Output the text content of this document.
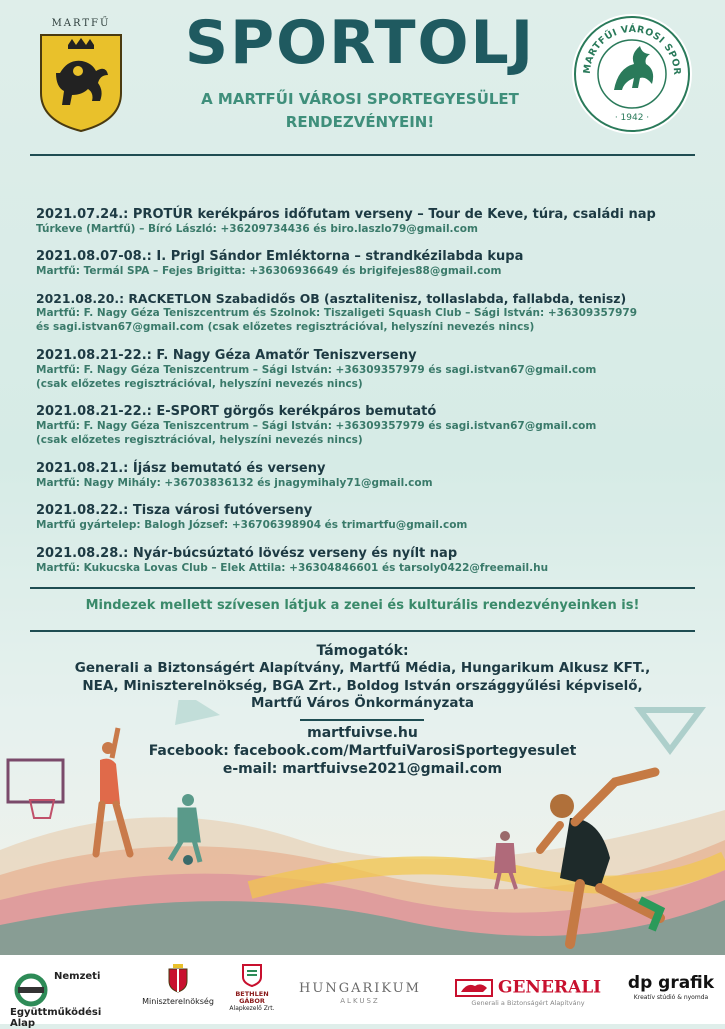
MARTFŰ	SPORTOLJ
A MARTFŰI VÁROSI SPORTEGYESÜLET
RENDEZVÉNYEIN!
MARTFŰI VÁROSI SPOR
· 1942 ·
2021.07.24.: PROTÚR kerékpáros időfutam verseny – Tour de Keve, túra, családi nap
Túrkeve (Martfű) – Bíró László: +36209734436 és biro.laszlo79@gmail.com
2021.08.07-08.: I. Prigl Sándor Emléktorna – strandkézilabda kupa
Martfű: Termál SPA – Fejes Brigitta: +36306936649 és brigifejes88@gmail.com
2021.08.20.: RACKETLON Szabadidős OB (asztalitenisz, tollaslabda, fallabda, tenisz)
Martfű: F. Nagy Géza Teniszcentrum és Szolnok: Tiszaligeti Squash Club – Sági István: +36309357979
és sagi.istvan67@gmail.com (csak előzetes regisztrációval, helyszíni nevezés nincs)
2021.08.21-22.: F. Nagy Géza Amatőr Teniszverseny
Martfű: F. Nagy Géza Teniszcentrum – Sági István: +36309357979 és sagi.istvan67@gmail.com
(csak előzetes regisztrációval, helyszíni nevezés nincs)
2021.08.21-22.: E-SPORT görgős kerékpáros bemutató
Martfű: F. Nagy Géza Teniszcentrum – Sági István: +36309357979 és sagi.istvan67@gmail.com
(csak előzetes regisztrációval, helyszíni nevezés nincs)
2021.08.21.: Íjász bemutató és verseny
Martfű: Nagy Mihály: +36703836132 és jnagymihaly71@gmail.com
2021.08.22.: Tisza városi futóverseny
Martfű gyártelep: Balogh József: +36706398904 és trimartfu@gmail.com
2021.08.28.: Nyár-búcsúztató lövész verseny és nyílt nap
Martfű: Kukucska Lovas Club – Elek Attila: +36304846601 és tarsoly0422@freemail.hu
Mindezek mellett szívesen látjuk a zenei és kulturális rendezvényeinken is!
Támogatók:
Generali a Biztonságért Alapítvány, Martfű Média, Hungarikum Alkusz KFT.,
NEA, Miniszterelnökség, BGA Zrt., Boldog István országgyűlési képviselő,
Martfű Város Önkormányzata
martfuivse.hu
Facebook: facebook.com/MartfuiVarosiSportegyesulet
e-mail: martfuivse2021@gmail.com
Nemzeti
Együttműködési
Alap
Miniszterelnökség
BETHLEN GÁBOR
Alapkezelő Zrt.
HUNGARIKUM
ALKUSZ
GENERALI
Generali a Biztonságért Alapítvány
dp grafik
Kreatív stúdió & nyomda
